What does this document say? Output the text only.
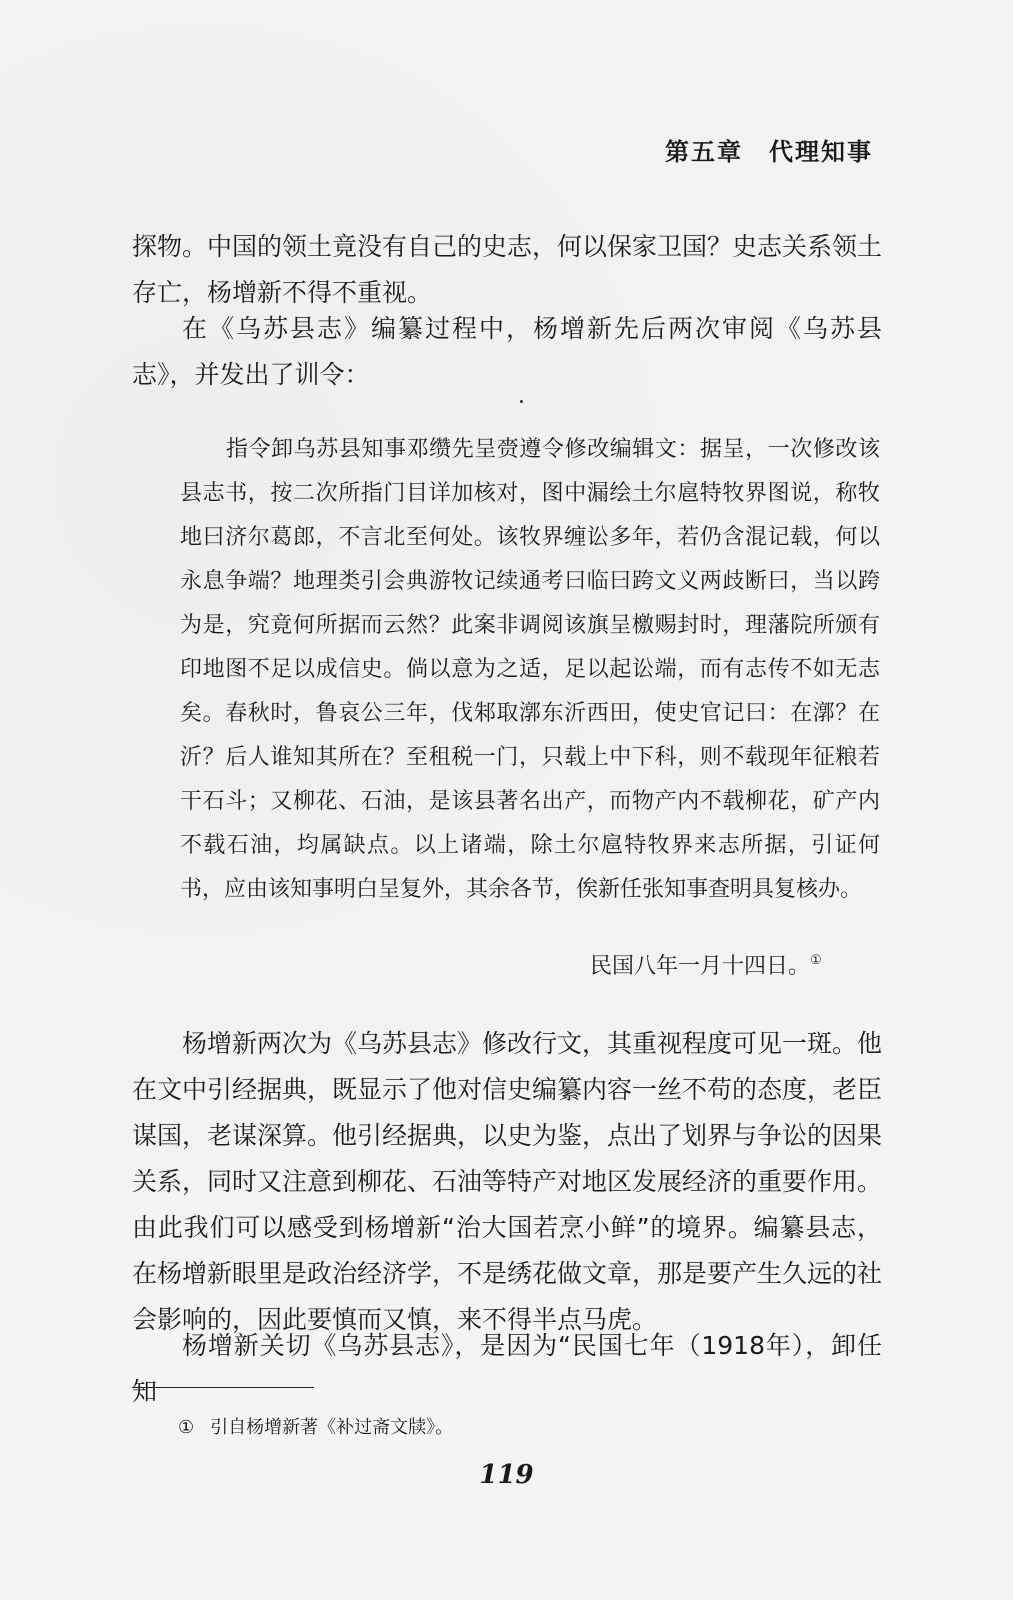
第五章 代理知事

探物。中国的领土竟没有自己的史志，何以保家卫国？史志关系领土存亡，杨增新不得不重视。

在《乌苏县志》编纂过程中，杨增新先后两次审阅《乌苏县志》，并发出了训令：

指令卸乌苏县知事邓缵先呈赍遵令修改编辑文：据呈，一次修改该县志书，按二次所指门目详加核对，图中漏绘土尔扈特牧界图说，称牧地曰济尔葛郎，不言北至何处。该牧界缠讼多年，若仍含混记载，何以永息争端？地理类引会典游牧记续通考曰临曰跨文义两歧断曰，当以跨为是，究竟何所据而云然？此案非调阅该旗呈檄赐封时，理藩院所颁有印地图不足以成信史。倘以意为之适，足以起讼端，而有志传不如无志矣。春秋时，鲁哀公三年，伐邾取漷东沂西田，使史官记曰：在漷？在沂？后人谁知其所在？至租税一门，只载上中下科，则不载现年征粮若干石斗；又柳花、石油，是该县著名出产，而物产内不载柳花，矿产内不载石油，均属缺点。以上诸端，除土尔扈特牧界来志所据，引证何书，应由该知事明白呈复外，其余各节，俟新任张知事查明具复核办。

民国八年一月十四日。①

杨增新两次为《乌苏县志》修改行文，其重视程度可见一斑。他在文中引经据典，既显示了他对信史编纂内容一丝不苟的态度，老臣谋国，老谋深算。他引经据典，以史为鉴，点出了划界与争讼的因果关系，同时又注意到柳花、石油等特产对地区发展经济的重要作用。由此我们可以感受到杨增新“治大国若烹小鲜”的境界。编纂县志，在杨增新眼里是政治经济学，不是绣花做文章，那是要产生久远的社会影响的，因此要慎而又慎，来不得半点马虎。

杨增新关切《乌苏县志》，是因为“民国七年（1918年），卸任知

① 引自杨增新著《补过斋文牍》。
119
